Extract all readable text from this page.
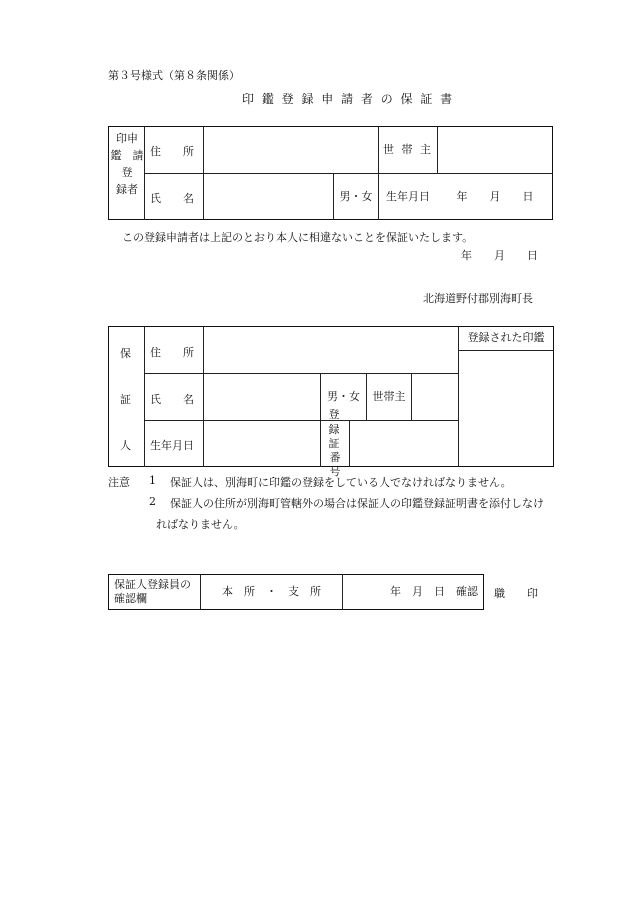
第３号様式（第８条関係）
印 鑑 登 録 申 請 者 の 保 証 書
印申
鑑　請
登
録者
住　　所	世 帯 主
氏　　名	男・女	生年月日	年　　月　　日
この登録申請者は上記のとおり本人に相違ないことを保証いたします。
年　　月　　日
北海道野付郡別海町長
保
証
人
住　　所
氏　　名	男・女	世帯主
生年月日
登 録 証
番　　号
登録された印鑑
注意 1 保証人は、別海町に印鑑の登録をしている人でなければなりません。
2 保証人の住所が別海町管轄外の場合は保証人の印鑑登録証明書を添付しなけ
ればなりません。
保証人登録員の
確認欄
本　所　・　支　所	年　月　日　確認	職　　印
